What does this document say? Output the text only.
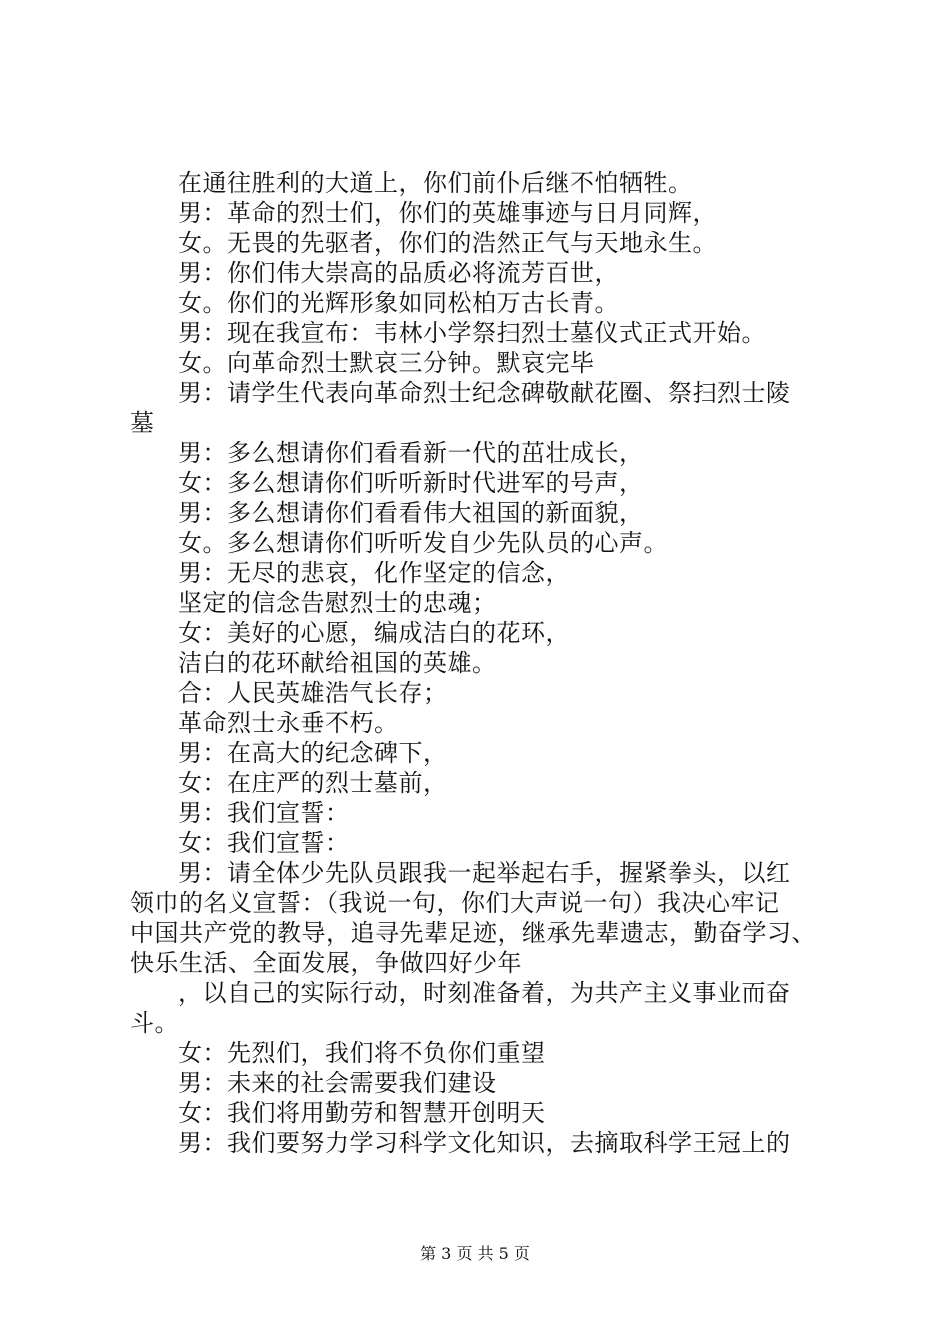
在通往胜利的大道上，你们前仆后继不怕牺牲。
男：革命的烈士们，你们的英雄事迹与日月同辉，
女。无畏的先驱者，你们的浩然正气与天地永生。
男：你们伟大崇高的品质必将流芳百世，
女。你们的光辉形象如同松柏万古长青。
男：现在我宣布：韦林小学祭扫烈士墓仪式正式开始。
女。向革命烈士默哀三分钟。默哀完毕
男：请学生代表向革命烈士纪念碑敬献花圈、祭扫烈士陵
墓
男：多么想请你们看看新一代的茁壮成长，
女：多么想请你们听听新时代进军的号声，
男：多么想请你们看看伟大祖国的新面貌，
女。多么想请你们听听发自少先队员的心声。
男：无尽的悲哀，化作坚定的信念，
坚定的信念告慰烈士的忠魂；
女：美好的心愿，编成洁白的花环，
洁白的花环献给祖国的英雄。
合：人民英雄浩气长存；
革命烈士永垂不朽。
男：在高大的纪念碑下，
女：在庄严的烈士墓前，
男：我们宣誓：
女：我们宣誓：
男：请全体少先队员跟我一起举起右手，握紧拳头，以红
领巾的名义宣誓：（我说一句，你们大声说一句）我决心牢记
中国共产党的教导，追寻先辈足迹，继承先辈遗志，勤奋学习、
快乐生活、全面发展，争做四好少年
，以自己的实际行动，时刻准备着，为共产主义事业而奋
斗。
女：先烈们，我们将不负你们重望
男：未来的社会需要我们建设
女：我们将用勤劳和智慧开创明天
男：我们要努力学习科学文化知识，去摘取科学王冠上的
第 3 页 共 5 页
